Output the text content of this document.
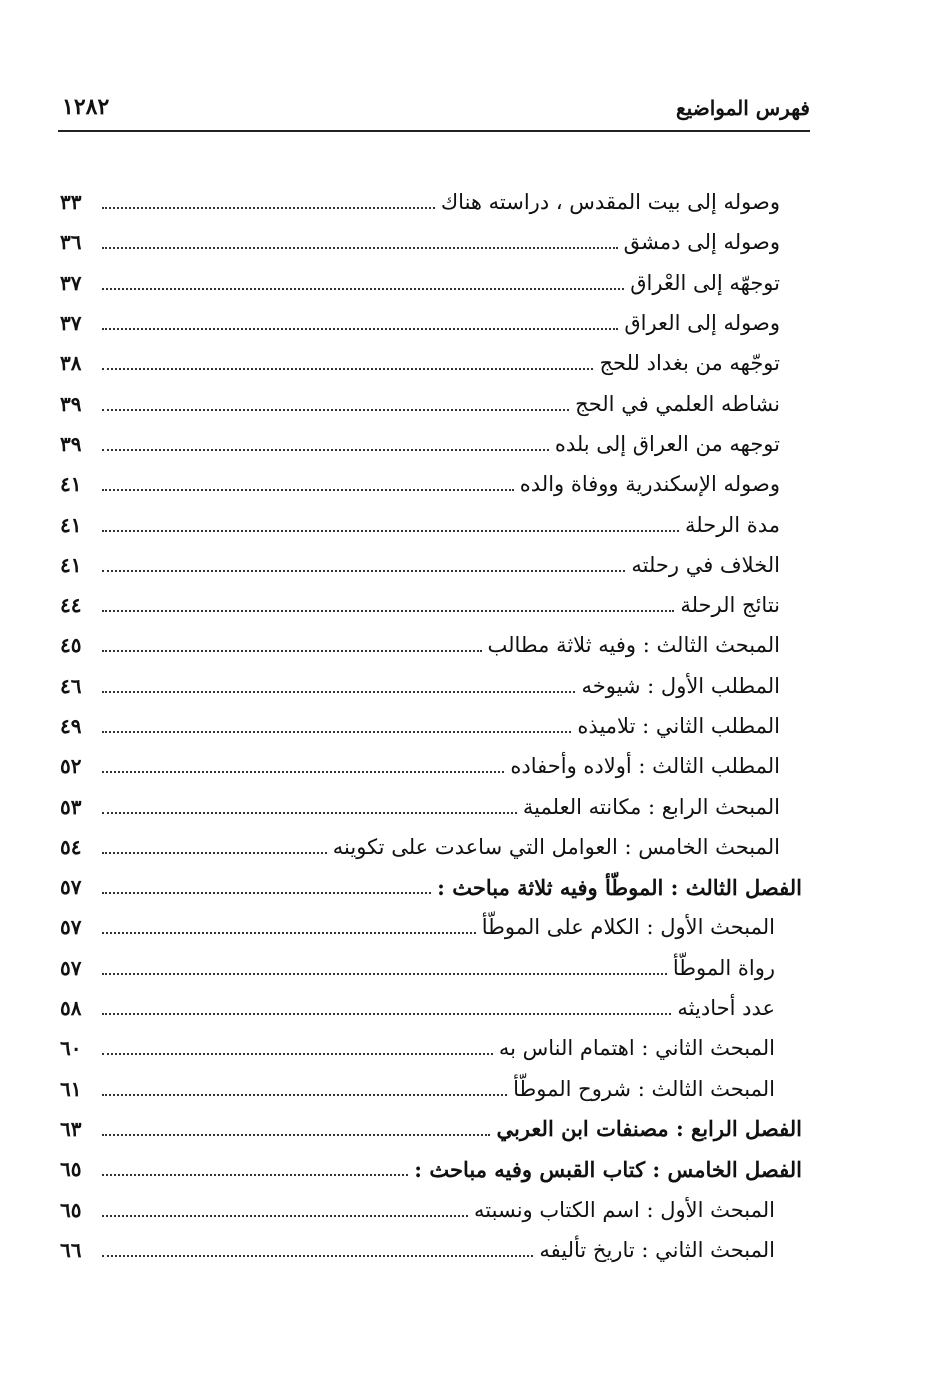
فهرس المواضيع
١٢٨٢
وصوله إلى بيت المقدس ، دراسته هناك
٣٣
وصوله إلى دمشق
٣٦
توجهّه إلى العْراق
٣٧
وصوله إلى العراق
٣٧
توجّهه من بغداد للحج
٣٨
نشاطه العلمي في الحج
٣٩
توجهه من العراق إلى بلده
٣٩
وصوله الإسكندرية ووفاة والده
٤١
مدة الرحلة
٤١
الخلاف في رحلته
٤١
نتائج الرحلة
٤٤
المبحث الثالث : وفيه ثلاثة مطالب
٤٥
المطلب الأول : شيوخه
٤٦
المطلب الثاني : تلاميذه
٤٩
المطلب الثالث : أولاده وأحفاده
٥٢
المبحث الرابع : مكانته العلمية
٥٣
المبحث الخامس : العوامل التي ساعدت على تكوينه
٥٤
الفصل الثالث : الموطّأ وفيه ثلاثة مباحث :
٥٧
المبحث الأول : الكلام على الموطّأ
٥٧
رواة الموطّأ
٥٧
عدد أحاديثه
٥٨
المبحث الثاني : اهتمام الناس به
٦٠
المبحث الثالث : شروح الموطّأ
٦١
الفصل الرابع : مصنفات ابن العربي
٦٣
الفصل الخامس : كتاب القبس وفيه مباحث :
٦٥
المبحث الأول : اسم الكتاب ونسبته
٦٥
المبحث الثاني : تاريخ تأليفه
٦٦
